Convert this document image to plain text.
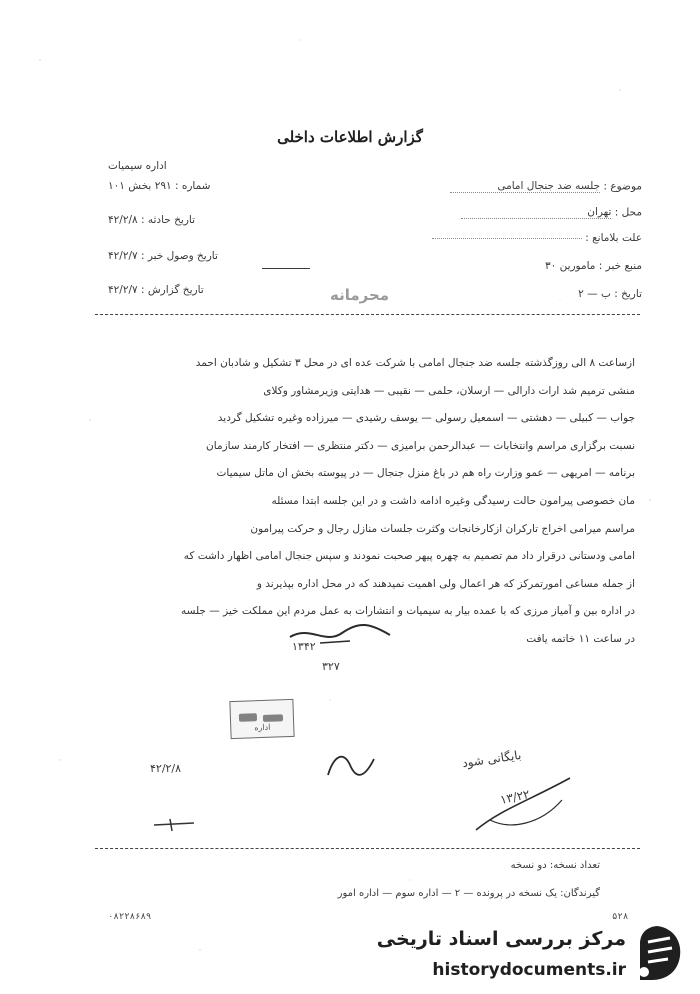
گزارش اطلاعات داخلی
موضوع : جلسه ضد جنجال امامی
محل : تهران
علت بلامانع :
منبع خبر : مامورین ۳۰
تاریخ : ب — ۲
اداره سیمیات
شماره : ۲۹۱ بخش ۱۰۱
تاریخ حادثه : ۴۲/۲/۸
تاریخ وصول خبر : ۴۲/۲/۷
تاریخ گزارش : ۴۲/۲/۷	محرمانه
ازساعت ۸ الی روزگذشته جلسه ضد جنجال امامی با شرکت عده ای در محل ۳ تشکیل و شادبان احمد
منشی ترمیم شد ارات دارالی — ارسلان، حلمی — نقیبی — هدایتی وزیرمشاور وکلای
جواب — کبیلی — دهشتی — اسمعیل رسولی — یوسف رشیدی — میرزاده وغیره تشکیل گردید
نسبت برگزاری مراسم وانتخابات — عبدالرحمن برامیزی — دکتر منتظری — افتخار کارمند سازمان
برنامه — امریهی — عمو وزارت راه هم در باغ منزل جنجال — در پیوسته بخش ان ماتل سیمیات
مان خصوصی پیرامون حالت رسیدگی وغیره ادامه داشت و در این جلسه ابتدا مسئله
مراسم میرامی اخراج تارکران ازکارخانجات وکثرت جلسات منازل رجال و حرکت پیرامون
امامی ودستانی درقرار داد مم تصمیم به چهره پیهر صحبت نمودند و سپس جنجال امامی اظهار داشت که
از جمله مساعی امورتمرکز که هر اعمال ولی اهمیت نمیدهند که در محل اداره بپذیرند و
در اداره بین و آمیاز مرزی که با عمده بیار به سیمیات و انتشارات به عمل مردم این مملکت خیز — جلسه
در ساعت ۱۱ خاتمه یافت
۱۳۴۲
۳۲۷
اداره
۴۲/۲/۸	بایگانی شود
۱۳/۲۲
تعداد نسخه: دو نسخه
گیرندگان: یک نسخه در پرونده — ۲ — اداره سوم — اداره امور
۰۸۲۲۸۶۸۹	۵۲۸
مرکز بررسی اسناد تاریخی
historydocuments.ir
